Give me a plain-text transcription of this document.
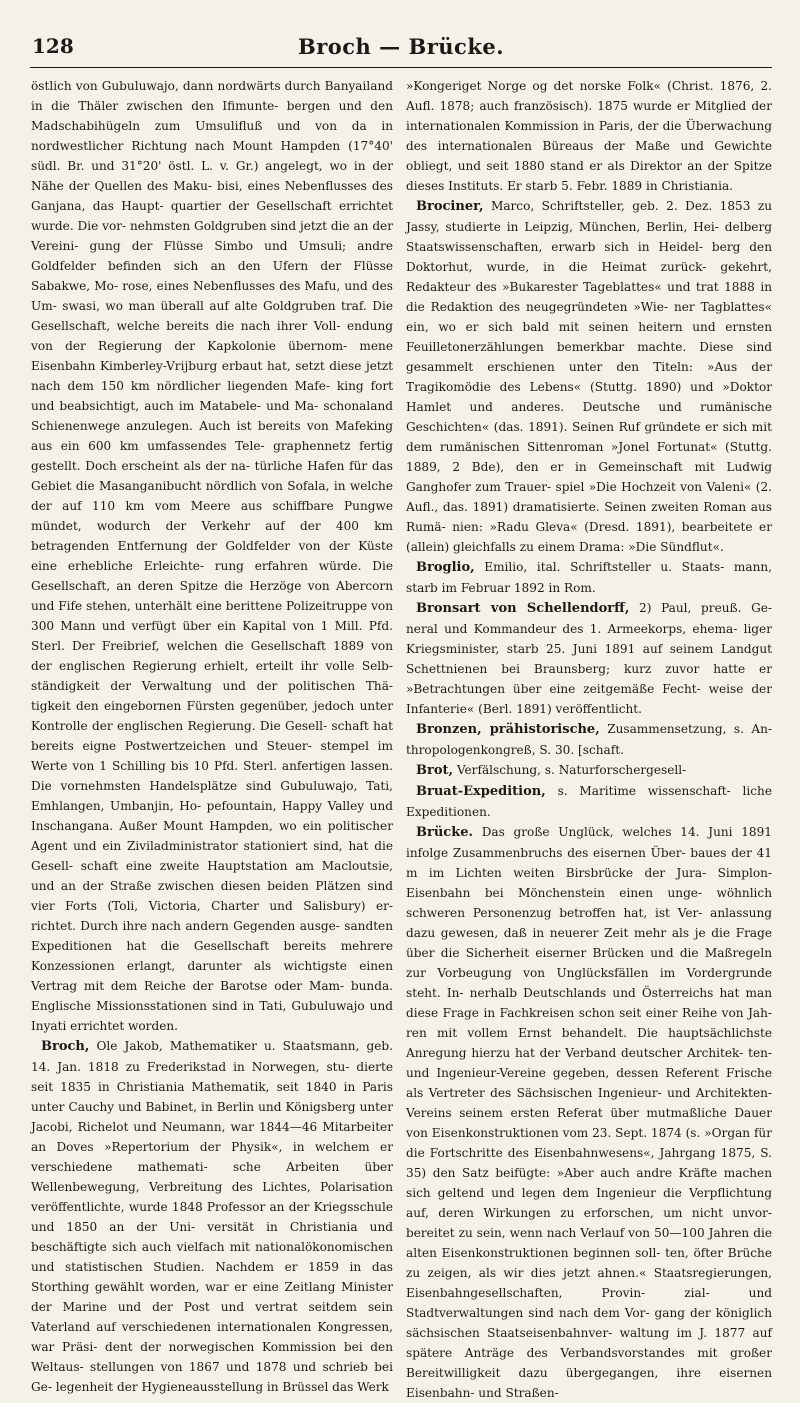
128	Broch — Brücke.

östlich von Gubuluwajo, dann nordwärts durch Banyailand in die Thäler zwischen den Ifimunte- bergen und den Madschabihügeln zum Umsulifluß und von da in nordwestlicher Richtung nach Mount Hampden (17°40' südl. Br. und 31°20' östl. L. v. Gr.) angelegt, wo in der Nähe der Quellen des Maku- bisi, eines Nebenflusses des Ganjana, das Haupt- quartier der Gesellschaft errichtet wurde. Die vor- nehmsten Goldgruben sind jetzt die an der Vereini- gung der Flüsse Simbo und Umsuli; andre Goldfelder befinden sich an den Ufern der Flüsse Sabakwe, Mo- rose, eines Nebenflusses des Mafu, und des Um- swasi, wo man überall auf alte Goldgruben traf. Die Gesellschaft, welche bereits die nach ihrer Voll- endung von der Regierung der Kapkolonie übernom- mene Eisenbahn Kimberley-Vrijburg erbaut hat, setzt diese jetzt nach dem 150 km nördlicher liegenden Mafe- king fort und beabsichtigt, auch im Matabele- und Ma- schonaland Schienenwege anzulegen. Auch ist bereits von Mafeking aus ein 600 km umfassendes Tele- graphennetz fertig gestellt. Doch erscheint als der na- türliche Hafen für das Gebiet die Masanganibucht nördlich von Sofala, in welche der auf 110 km vom Meere aus schiffbare Pungwe mündet, wodurch der Verkehr auf der 400 km betragenden Entfernung der Goldfelder von der Küste eine erhebliche Erleichte- rung erfahren würde. Die Gesellschaft, an deren Spitze die Herzöge von Abercorn und Fife stehen, unterhält eine berittene Polizeitruppe von 300 Mann und verfügt über ein Kapital von 1 Mill. Pfd. Sterl. Der Freibrief, welchen die Gesellschaft 1889 von der englischen Regierung erhielt, erteilt ihr volle Selb- ständigkeit der Verwaltung und der politischen Thä- tigkeit den eingebornen Fürsten gegenüber, jedoch unter Kontrolle der englischen Regierung. Die Gesell- schaft hat bereits eigne Postwertzeichen und Steuer- stempel im Werte von 1 Schilling bis 10 Pfd. Sterl. anfertigen lassen. Die vornehmsten Handelsplätze sind Gubuluwajo, Tati, Emhlangen, Umbanjin, Ho- pefountain, Happy Valley und Inschangana. Außer Mount Hampden, wo ein politischer Agent und ein Ziviladministrator stationiert sind, hat die Gesell- schaft eine zweite Hauptstation am Macloutsie, und an der Straße zwischen diesen beiden Plätzen sind vier Forts (Toli, Victoria, Charter und Salisbury) er- richtet. Durch ihre nach andern Gegenden ausge- sandten Expeditionen hat die Gesellschaft bereits mehrere Konzessionen erlangt, darunter als wichtigste einen Vertrag mit dem Reiche der Barotse oder Mam- bunda. Englische Missionsstationen sind in Tati, Gubuluwajo und Inyati errichtet worden.

Broch, Ole Jakob, Mathematiker u. Staatsmann, geb. 14. Jan. 1818 zu Frederikstad in Norwegen, stu- dierte seit 1835 in Christiania Mathematik, seit 1840 in Paris unter Cauchy und Babinet, in Berlin und Königsberg unter Jacobi, Richelot und Neumann, war 1844—46 Mitarbeiter an Doves »Repertorium der Physik«, in welchem er verschiedene mathemati- sche Arbeiten über Wellenbewegung, Verbreitung des Lichtes, Polarisation veröffentlichte, wurde 1848 Professor an der Kriegsschule und 1850 an der Uni- versität in Christiania und beschäftigte sich auch vielfach mit nationalökonomischen und statistischen Studien. Nachdem er 1859 in das Storthing gewählt worden, war er eine Zeitlang Minister der Marine und der Post und vertrat seitdem sein Vaterland auf verschiedenen internationalen Kongressen, war Präsi- dent der norwegischen Kommission bei den Weltaus- stellungen von 1867 und 1878 und schrieb bei Ge- legenheit der Hygieneausstellung in Brüssel das Werk

»Kongeriget Norge og det norske Folk« (Christ. 1876, 2. Aufl. 1878; auch französisch). 1875 wurde er Mitglied der internationalen Kommission in Paris, der die Überwachung des internationalen Büreaus der Maße und Gewichte obliegt, und seit 1880 stand er als Direktor an der Spitze dieses Instituts. Er starb 5. Febr. 1889 in Christiania.

Brociner, Marco, Schriftsteller, geb. 2. Dez. 1853 zu Jassy, studierte in Leipzig, München, Berlin, Hei- delberg Staatswissenschaften, erwarb sich in Heidel- berg den Doktorhut, wurde, in die Heimat zurück- gekehrt, Redakteur des »Bukarester Tageblattes« und trat 1888 in die Redaktion des neugegründeten »Wie- ner Tagblattes« ein, wo er sich bald mit seinen heitern und ernsten Feuilletonerzählungen bemerkbar machte. Diese sind gesammelt erschienen unter den Titeln: »Aus der Tragikomödie des Lebens« (Stuttg. 1890) und »Doktor Hamlet und anderes. Deutsche und rumänische Geschichten« (das. 1891). Seinen Ruf gründete er sich mit dem rumänischen Sittenroman »Jonel Fortunat« (Stuttg. 1889, 2 Bde), den er in Gemeinschaft mit Ludwig Ganghofer zum Trauer- spiel »Die Hochzeit von Valeni« (2. Aufl., das. 1891) dramatisierte. Seinen zweiten Roman aus Rumä- nien: »Radu Gleva« (Dresd. 1891), bearbeitete er (allein) gleichfalls zu einem Drama: »Die Sündflut«.

Broglio, Emilio, ital. Schriftsteller u. Staats- mann, starb im Februar 1892 in Rom.

Bronsart von Schellendorff, 2) Paul, preuß. Ge- neral und Kommandeur des 1. Armeekorps, ehema- liger Kriegsminister, starb 25. Juni 1891 auf seinem Landgut Schettnienen bei Braunsberg; kurz zuvor hatte er »Betrachtungen über eine zeitgemäße Fecht- weise der Infanterie« (Berl. 1891) veröffentlicht.

Bronzen, prähistorische, Zusammensetzung, s. An- thropologenkongreß, S. 30. [schaft.

Brot, Verfälschung, s. Naturforschergesell-

Bruat-Expedition, s. Maritime wissenschaft- liche Expeditionen.

Brücke. Das große Unglück, welches 14. Juni 1891 infolge Zusammenbruchs des eisernen Über- baues der 41 m im Lichten weiten Birsbrücke der Jura- Simplon-Eisenbahn bei Mönchenstein einen unge- wöhnlich schweren Personenzug betroffen hat, ist Ver- anlassung dazu gewesen, daß in neuerer Zeit mehr als je die Frage über die Sicherheit eiserner Brücken und die Maßregeln zur Vorbeugung von Unglücksfällen im Vordergrunde steht. In- nerhalb Deutschlands und Österreichs hat man diese Frage in Fachkreisen schon seit einer Reihe von Jah- ren mit vollem Ernst behandelt. Die hauptsächlichste Anregung hierzu hat der Verband deutscher Architek- ten- und Ingenieur-Vereine gegeben, dessen Referent Frische als Vertreter des Sächsischen Ingenieur- und Architekten-Vereins seinem ersten Referat über mutmaßliche Dauer von Eisenkonstruktionen vom 23. Sept. 1874 (s. »Organ für die Fortschritte des Eisenbahnwesens«, Jahrgang 1875, S. 35) den Satz beifügte: »Aber auch andre Kräfte machen sich geltend und legen dem Ingenieur die Verpflichtung auf, deren Wirkungen zu erforschen, um nicht unvor- bereitet zu sein, wenn nach Verlauf von 50—100 Jahren die alten Eisenkonstruktionen beginnen soll- ten, öfter Brüche zu zeigen, als wir dies jetzt ahnen.« Staatsregierungen, Eisenbahngesellschaften, Provin- zial- und Stadtverwaltungen sind nach dem Vor- gang der königlich sächsischen Staatseisenbahnver- waltung im J. 1877 auf spätere Anträge des Verbandsvorstandes mit großer Bereitwilligkeit dazu übergegangen, ihre eisernen Eisenbahn- und Straßen-
